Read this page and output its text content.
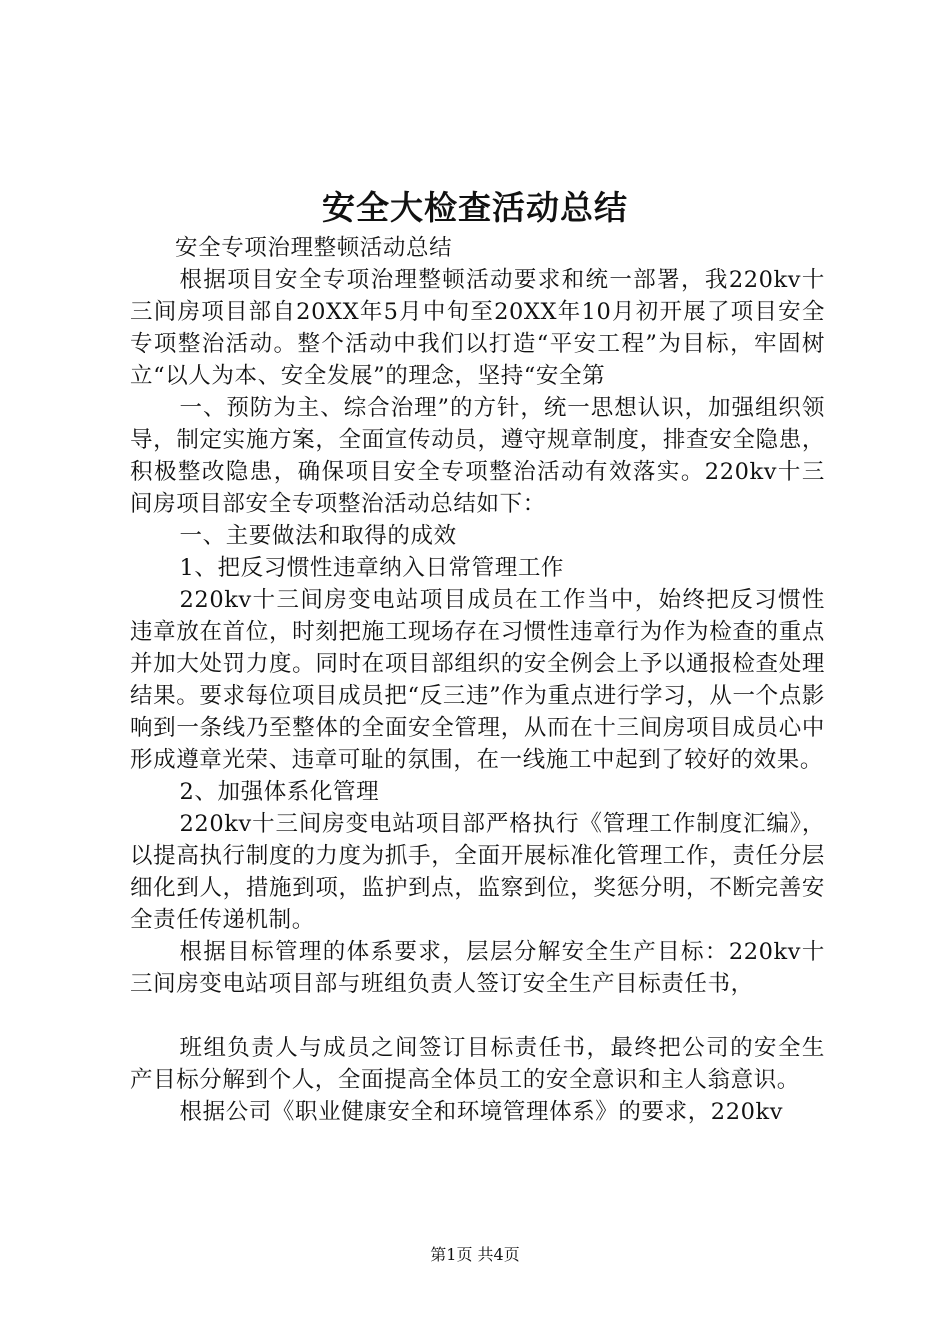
安全大检查活动总结

安全专项治理整顿活动总结

根据项目安全专项治理整顿活动要求和统一部署，我220kv十三间房项目部自20XX年5月中旬至20XX年10月初开展了项目安全专项整治活动。整个活动中我们以打造“平安工程”为目标，牢固树立“以人为本、安全发展”的理念，坚持“安全第

一、预防为主、综合治理”的方针，统一思想认识，加强组织领导，制定实施方案，全面宣传动员，遵守规章制度，排查安全隐患，积极整改隐患，确保项目安全专项整治活动有效落实。220kv十三间房项目部安全专项整治活动总结如下：

一、主要做法和取得的成效

1、把反习惯性违章纳入日常管理工作

220kv十三间房变电站项目成员在工作当中，始终把反习惯性违章放在首位，时刻把施工现场存在习惯性违章行为作为检查的重点并加大处罚力度。同时在项目部组织的安全例会上予以通报检查处理结果。要求每位项目成员把“反三违”作为重点进行学习，从一个点影响到一条线乃至整体的全面安全管理，从而在十三间房项目成员心中形成遵章光荣、违章可耻的氛围，在一线施工中起到了较好的效果。

2、加强体系化管理

220kv十三间房变电站项目部严格执行《管理工作制度汇编》，以提高执行制度的力度为抓手，全面开展标准化管理工作，责任分层细化到人，措施到项，监护到点，监察到位，奖惩分明，不断完善安全责任传递机制。

根据目标管理的体系要求，层层分解安全生产目标：220kv十三间房变电站项目部与班组负责人签订安全生产目标责任书，

班组负责人与成员之间签订目标责任书，最终把公司的安全生产目标分解到个人，全面提高全体员工的安全意识和主人翁意识。

根据公司《职业健康安全和环境管理体系》的要求，220kv

第1页 共4页
